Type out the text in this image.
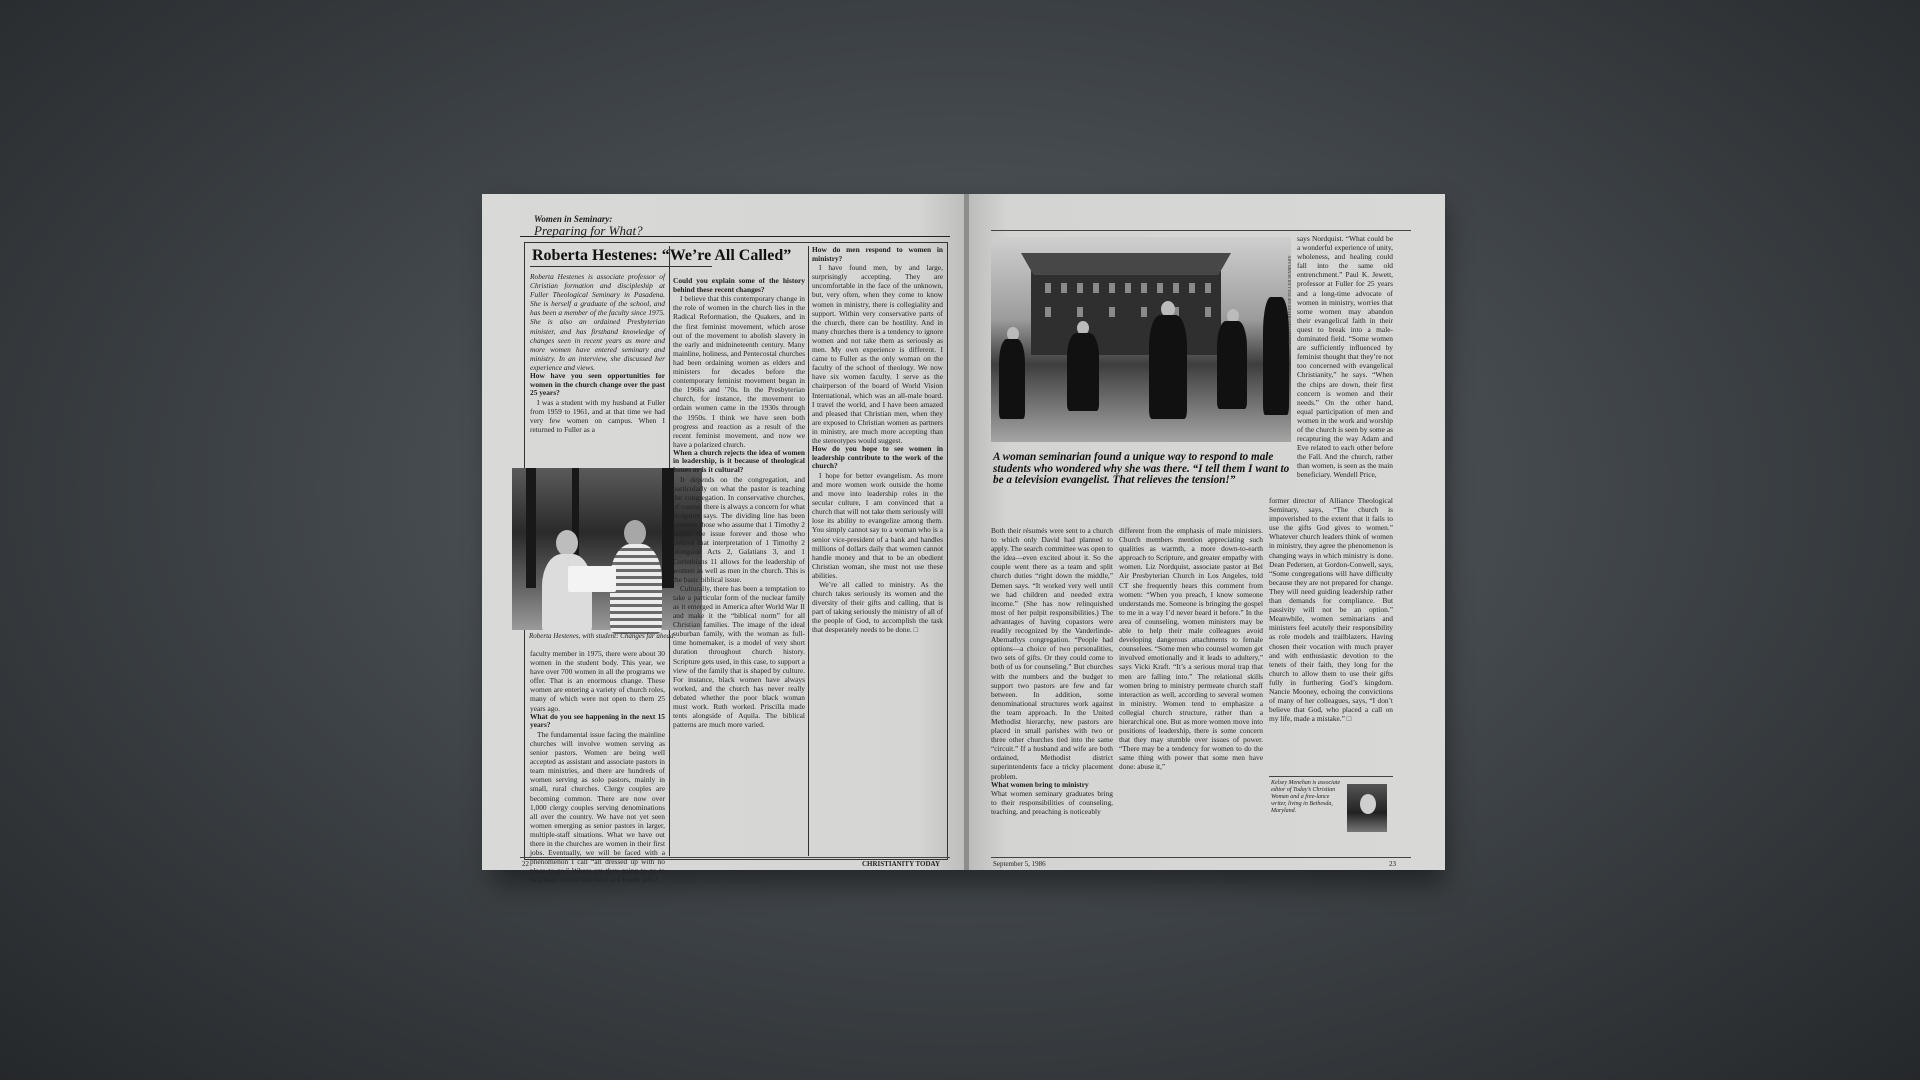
Women in Seminary:
Preparing for What?
Roberta Hestenes: “We’re All Called”

Roberta Hestenes is associate professor of Christian formation and discipleship at Fuller Theological Seminary in Pasadena. She is herself a graduate of the school, and has been a member of the faculty since 1975. She is also an ordained Presbyterian minister, and has firsthand knowledge of changes seen in recent years as more and more women have entered seminary and ministry. In an interview, she discussed her experience and views.

How have you seen opportunities for women in the church change over the past 25 years?

I was a student with my husband at Fuller from 1959 to 1961, and at that time we had very few women on campus. When I returned to Fuller as a

Roberta Hestenes, with student: Changes far ahead.

faculty member in 1975, there were about 30 women in the student body. This year, we have over 700 women in all the programs we offer. That is an enormous change. These women are entering a variety of church roles, many of which were not open to them 25 years ago.

What do you see happening in the next 15 years?

The fundamental issue facing the mainline churches will involve women serving as senior pastors. Women are being well accepted as assistant and associate pastors in team ministries, and there are hundreds of women serving as solo pastors, mainly in small, rural churches. Clergy couples are becoming common. There are now over 1,000 clergy couples serving denominations all over the country. We have not yet seen women emerging as senior pastors in larger, multiple-staff situations. What we have out there in the churches are women in their first jobs. Eventually, we will be faced with a phenomenon I call “all dressed up with no place to go.” Where are they going to go to find their second and third and fourth jobs?

Could you explain some of the history behind these recent changes?

I believe that this contemporary change in the role of women in the church lies in the Radical Reformation, the Quakers, and in the first feminist movement, which arose out of the movement to abolish slavery in the early and midnineteenth century. Many mainline, holiness, and Pentecostal churches had been ordaining women as elders and ministers for decades before the contemporary feminist movement began in the 1960s and ’70s. In the Presbyterian church, for instance, the movement to ordain women came in the 1930s through the 1950s. I think we have seen both progress and reaction as a result of the recent feminist movement, and now we have a polarized church.

When a church rejects the idea of women in leadership, is it because of theological issues or is it cultural?

It depends on the congregation, and particularly on what the pastor is teaching the congregation. In conservative churches, of course, there is always a concern for what Scripture says. The dividing line has been between those who assume that 1 Timothy 2 settles the issue forever and those who believe that interpretation of 1 Timothy 2 alongside Acts 2, Galatians 3, and 1 Corinthians 11 allows for the leadership of women as well as men in the church. This is the basic biblical issue.

Culturally, there has been a temptation to take a particular form of the nuclear family as it emerged in America after World War II and make it the “biblical norm” for all Christian families. The image of the ideal suburban family, with the woman as full-time homemaker, is a model of very short duration throughout church history. Scripture gets used, in this case, to support a view of the family that is shaped by culture. For instance, black women have always worked, and the church has never really debated whether the poor black woman must work. Ruth worked. Priscilla made tents alongside of Aquila. The biblical patterns are much more varied.

How do men respond to women in ministry?

I have found men, by and large, surprisingly accepting. They are uncomfortable in the face of the unknown, but, very often, when they come to know women in ministry, there is collegiality and support. Within very conservative parts of the church, there can be hostility. And in many churches there is a tendency to ignore women and not take them as seriously as men. My own experience is different. I came to Fuller as the only woman on the faculty of the school of theology. We now have six women faculty. I serve as the chairperson of the board of World Vision International, which was an all-male board. I travel the world, and I have been amazed and pleased that Christian men, when they are exposed to Christian women as partners in ministry, are much more accepting than the stereotypes would suggest.

How do you hope to see women in leadership contribute to the work of the church?

I hope for better evangelism. As more and more women work outside the home and move into leadership roles in the secular culture, I am convinced that a church that will not take them seriously will lose its ability to evangelize among them. You simply cannot say to a woman who is a senior vice-president of a bank and handles millions of dollars daily that women cannot handle money and that to be an obedient Christian woman, she must not use these abilities.

We’re all called to ministry. As the church takes seriously its women and the diversity of their gifts and calling, that is part of taking seriously the ministry of all of the people of God, to accomplish the task that desperately needs to be done. □

22	CHRISTIANITY TODAY
PHOTO COURTESY OF FULLER SEMINARY
A woman seminarian found a unique way to respond to male students who wondered why she was there. “I tell them I want to be a television evangelist. That relieves the tension!”

says Nordquist. “What could be a wonderful experience of unity, wholeness, and healing could fall into the same old entrenchment.” Paul K. Jewett, professor at Fuller for 25 years and a long-time advocate of women in ministry, worries that some women may abandon their evangelical faith in their quest to break into a male-dominated field. “Some women are sufficiently influenced by feminist thought that they’re not too concerned with evangelical Christianity,” he says. “When the chips are down, their first concern is women and their needs.” On the other hand, equal participation of men and women in the work and worship of the church is seen by some as recapturing the way Adam and Eve related to each other before the Fall. And the church, rather than women, is seen as the main beneficiary. Wendell Price,

Both their résumés were sent to a church to which only David had planned to apply. The search committee was open to the idea—even excited about it. So the couple went there as a team and split church duties “right down the middle,” Demen says. “It worked very well until we had children and needed extra income.” (She has now relinquished most of her pulpit responsibilities.) The advantages of having copastors were readily recognized by the Vanderlinde-Abernathys congregation. “People had options—a choice of two personalities, two sets of gifts. Or they could come to both of us for counseling.” But churches with the numbers and the budget to support two pastors are few and far between. In addition, some denominational structures work against the team approach. In the United Methodist hierarchy, new pastors are placed in small parishes with two or three other churches tied into the same “circuit.” If a husband and wife are both ordained, Methodist district superintendents face a tricky placement problem.

What women bring to ministry

What women seminary graduates bring to their responsibilities of counseling, teaching, and preaching is noticeably

different from the emphasis of male ministers. Church members mention appreciating such qualities as warmth, a more down-to-earth approach to Scripture, and greater empathy with women. Liz Nordquist, associate pastor at Bel Air Presbyterian Church in Los Angeles, told CT she frequently hears this comment from women: “When you preach, I know someone understands me. Someone is bringing the gospel to me in a way I’d never heard it before.” In the area of counseling, women ministers may be able to help their male colleagues avoid developing dangerous attachments to female counselees. “Some men who counsel women get involved emotionally and it leads to adultery,” says Vicki Kraft. “It’s a serious moral trap that men are falling into.” The relational skills women bring to ministry permeate church staff interaction as well, according to several women in ministry. Women tend to emphasize a collegial church structure, rather than a hierarchical one. But as more women move into positions of leadership, there is some concern that they may stumble over issues of power. “There may be a tendency for women to do the same thing with power that some men have done: abuse it,”

former director of Alliance Theological Seminary, says, “The church is impoverished to the extent that it fails to use the gifts God gives to women.” Whatever church leaders think of women in ministry, they agree the phenomenon is changing ways in which ministry is done. Dean Pedersen, at Gordon-Conwell, says, “Some congregations will have difficulty because they are not prepared for change. They will need guiding leadership rather than demands for compliance. But passivity will not be an option.” Meanwhile, women seminarians and ministers feel acutely their responsibility as role models and trailblazers. Having chosen their vocation with much prayer and with enthusiastic devotion to the tenets of their faith, they long for the church to allow them to use their gifts fully in furthering God’s kingdom. Nancie Mooney, echoing the convictions of many of her colleagues, says, “I don’t believe that God, who placed a call on my life, made a mistake.” □

Kelsey Menehan is associate editor of Today’s Christian Woman and a free-lance writer, living in Bethesda, Maryland.
September 5, 1986	23
